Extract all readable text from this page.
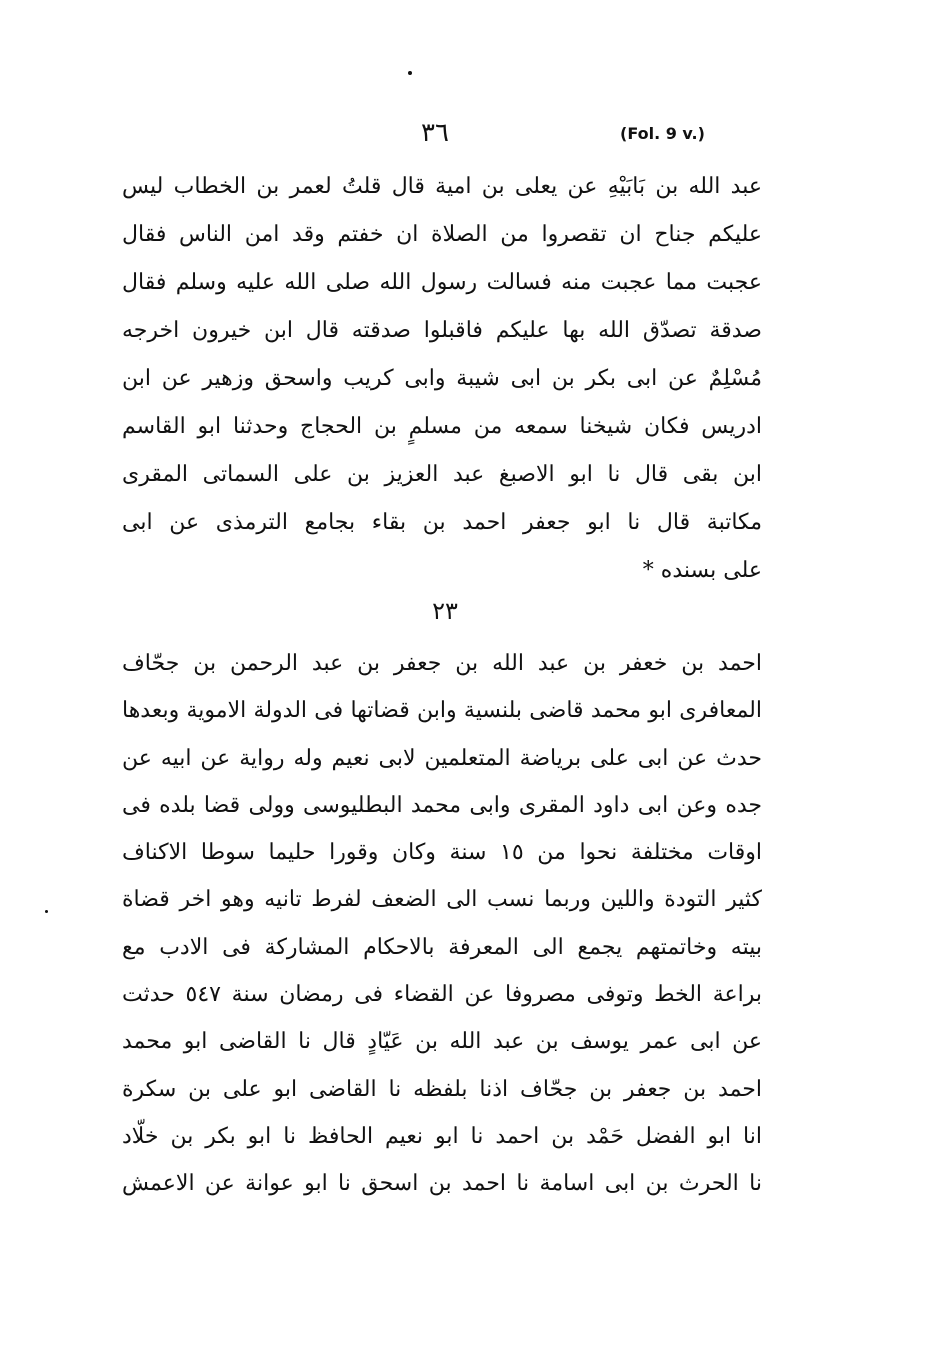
٣٦	(Fol. 9 v.)
عبد الله بن بَابَيْهِ عن يعلى بن امية قال قلتُ لعمر بن الخطاب ليس
عليكم جناح ان تقصروا من الصلاة ان خفتم وقد امن الناس فقال
عجبت مما عجبت منه فسالت رسول الله صلى الله عليه وسلم فقال
صدقة تصدّق الله بها عليكم فاقبلوا صدقته قال ابن خيرون اخرجه
مُسْلِمٌ عن ابى بكر بن ابى شيبة وابى كريب واسحق وزهير عن ابن
ادريس فكان شيخنا سمعه من مسلمٍ بن الحجاج وحدثنا ابو القاسم
ابن بقى قال نا ابو الاصبغ عبد العزيز بن على السماتى المقرى
مكاتبة قال نا ابو جعفر احمد بن بقاء بجامع الترمذى عن ابى
على بسنده *
٢٣
احمد بن خعفر بن عبد الله بن جعفر بن عبد الرحمن بن جحّاف
المعافرى ابو محمد قاضى بلنسية وابن قضاتها فى الدولة الاموية وبعدها
حدث عن ابى على برياضة المتعلمين لابى نعيم وله رواية عن ابيه عن
جده وعن ابى داود المقرى وابى محمد البطليوسى وولى قضا بلده فى
اوقات مختلفة نحوا من ١٥ سنة وكان وقورا حليما سوطا الاكناف
كثير التودة واللين وربما نسب الى الضعف لفرط تانيه وهو اخر قضاة
بيته وخاتمتهم يجمع الى المعرفة بالاحكام المشاركة فى الادب مع
براعة الخط وتوفى مصروفا عن القضاء فى رمضان سنة ٥٤٧ حدثت
عن ابى عمر يوسف بن عبد الله بن عَيّادٍ قال نا القاضى ابو محمد
احمد بن جعفر بن جحّاف اذنا بلفظه نا القاضى ابو على بن سكرة
انا ابو الفضل حَمْد بن احمد نا ابو نعيم الحافظ نا ابو بكر بن خلّاد
نا الحرث بن ابى اسامة نا احمد بن اسحق نا ابو عوانة عن الاعمش
